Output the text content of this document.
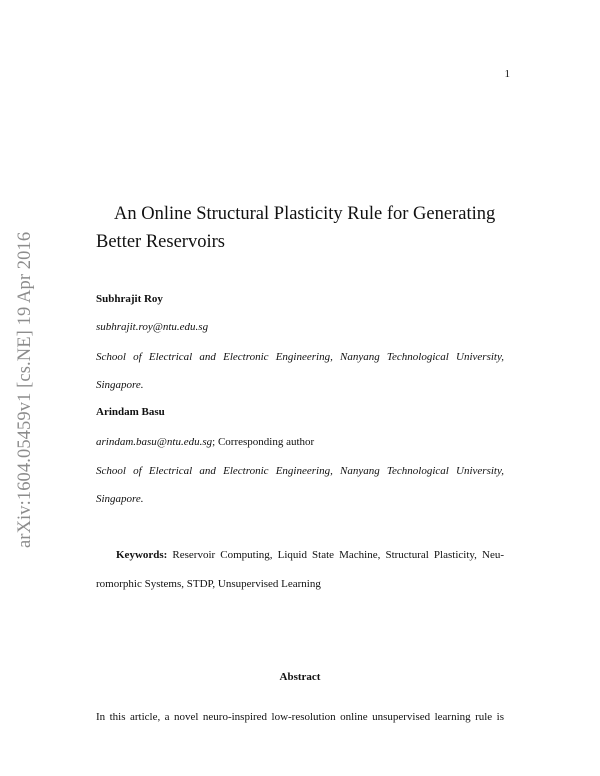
1
arXiv:1604.05459v1 [cs.NE] 19 Apr 2016
An Online Structural Plasticity Rule for Generating Better Reservoirs
Subhrajit Roy
subhrajit.roy@ntu.edu.sg
School of Electrical and Electronic Engineering, Nanyang Technological University,
Singapore.
Arindam Basu
arindam.basu@ntu.edu.sg; Corresponding author
School of Electrical and Electronic Engineering, Nanyang Technological University,
Singapore.
Keywords: Reservoir Computing, Liquid State Machine, Structural Plasticity, Neu-
romorphic Systems, STDP, Unsupervised Learning
Abstract
In this article, a novel neuro-inspired low-resolution online unsupervised learning rule is
